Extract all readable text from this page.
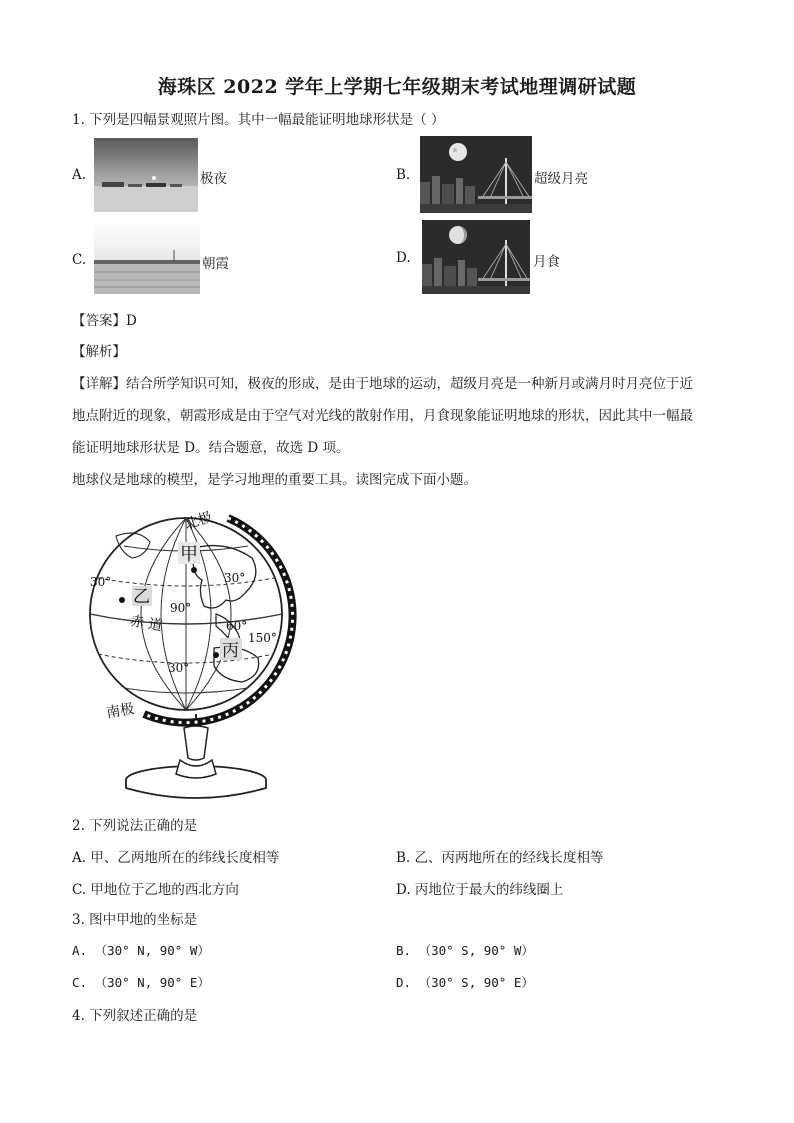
海珠区 2022 学年上学期七年级期末考试地理调研试题
1. 下列是四幅景观照片图。其中一幅最能证明地球形状是（ ）
A.	极夜	B.	超级月亮
C.	朝霞	D.	月食
【答案】D
【解析】
【详解】结合所学知识可知，极夜的形成，是由于地球的运动，超级月亮是一种新月或满月时月亮位于近
地点附近的现象，朝霞形成是由于空气对光线的散射作用，月食现象能证明地球的形状，因此其中一幅最
能证明地球形状是 D。结合题意，故选 D 项。
地球仪是地球的模型，是学习地理的重要工具。读图完成下面小题。
北极
南极
甲
乙
丙
赤 道
30°
30°
90°
150°
30°
60°
2. 下列说法正确的是
A. 甲、乙两地所在的纬线长度相等	B. 乙、丙两地所在的经线长度相等
C. 甲地位于乙地的西北方向	D. 丙地位于最大的纬线圈上
3. 图中甲地的坐标是
A. （30° N, 90° W）	B. （30° S, 90° W）
C. （30° N, 90° E）	D. （30° S, 90° E）
4. 下列叙述正确的是
